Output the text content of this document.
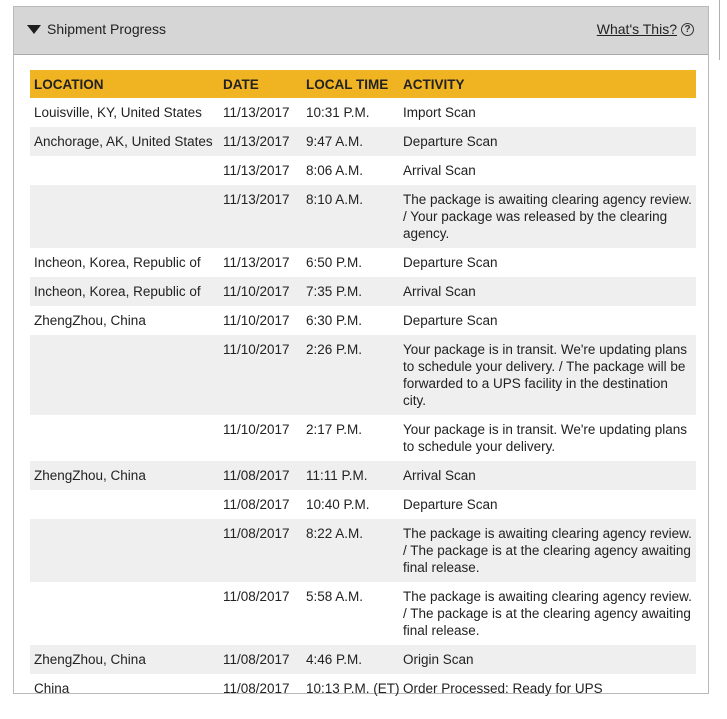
Shipment Progress	What's This? ?
LOCATION	DATE	LOCAL TIME	ACTIVITY
Louisville, KY, United States	11/13/2017	10:31 P.M.	Import Scan
Anchorage, AK, United States	11/13/2017	9:47 A.M.	Departure Scan
	11/13/2017	8:06 A.M.	Arrival Scan
	11/13/2017	8:10 A.M.	The package is awaiting clearing agency review. / Your package was released by the clearing agency.
Incheon, Korea, Republic of	11/13/2017	6:50 P.M.	Departure Scan
Incheon, Korea, Republic of	11/10/2017	7:35 P.M.	Arrival Scan
ZhengZhou, China	11/10/2017	6:30 P.M.	Departure Scan
	11/10/2017	2:26 P.M.	Your package is in transit. We're updating plans to schedule your delivery. / The package will be forwarded to a UPS facility in the destination city.
	11/10/2017	2:17 P.M.	Your package is in transit. We're updating plans to schedule your delivery.
ZhengZhou, China	11/08/2017	11:11 P.M.	Arrival Scan
	11/08/2017	10:40 P.M.	Departure Scan
	11/08/2017	8:22 A.M.	The package is awaiting clearing agency review. / The package is at the clearing agency awaiting final release.
	11/08/2017	5:58 A.M.	The package is awaiting clearing agency review. / The package is at the clearing agency awaiting final release.
ZhengZhou, China	11/08/2017	4:46 P.M.	Origin Scan
China	11/08/2017	10:13 P.M. (ET)	Order Processed: Ready for UPS
